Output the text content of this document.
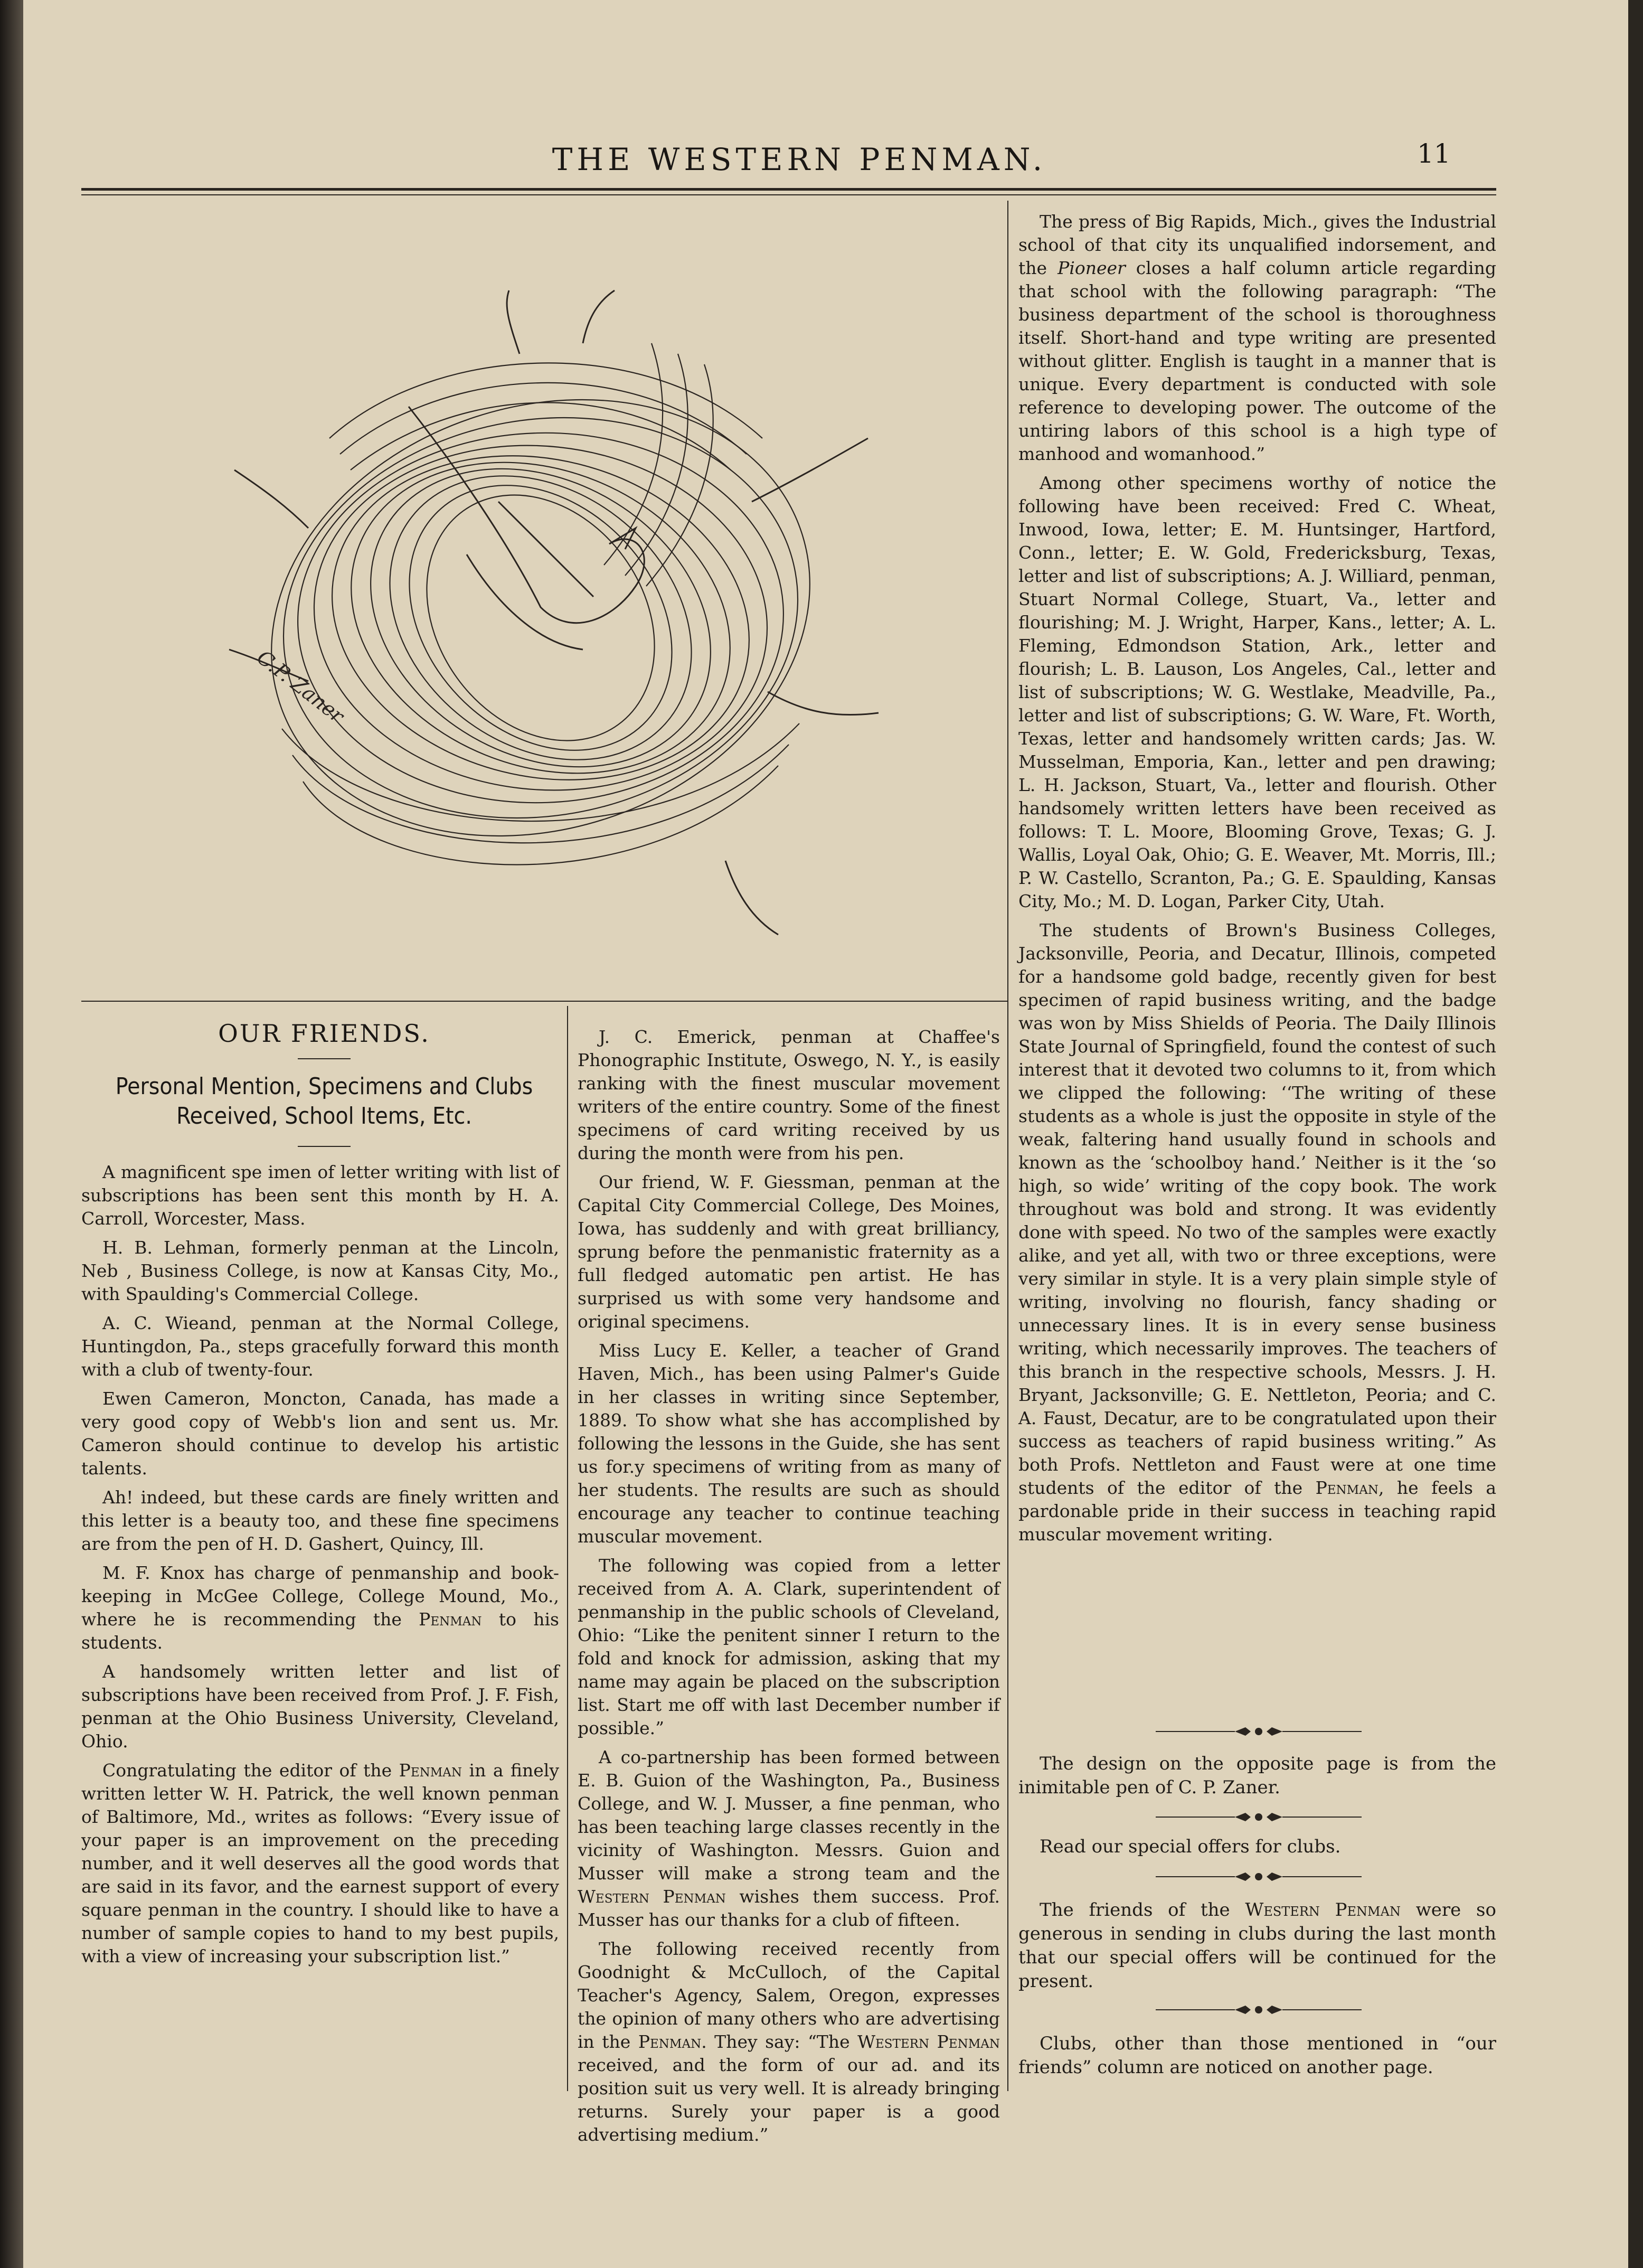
THE WESTERN PENMAN.	11
C.P. Zaner
OUR FRIENDS.
Personal Mention, Specimens and Clubs
Received, School Items, Etc.

A magnificent spe imen of letter writing with list of subscriptions has been sent this month by H. A. Carroll, Worcester, Mass.

H. B. Lehman, formerly penman at the Lincoln, Neb , Business College, is now at Kansas City, Mo., with Spaulding's Commercial College.

A. C. Wieand, penman at the Normal College, Huntingdon, Pa., steps gracefully forward this month with a club of twenty-four.

Ewen Cameron, Moncton, Canada, has made a very good copy of Webb's lion and sent us. Mr. Cameron should continue to develop his artistic talents.

Ah! indeed, but these cards are finely written and this letter is a beauty too, and these fine specimens are from the pen of H. D. Gashert, Quincy, Ill.

M. F. Knox has charge of penmanship and book-keeping in McGee College, College Mound, Mo., where he is recommending the Penman to his students.

A handsomely written letter and list of subscriptions have been received from Prof. J. F. Fish, penman at the Ohio Business University, Cleveland, Ohio.

Congratulating the editor of the Penman in a finely written letter W. H. Patrick, the well known penman of Baltimore, Md., writes as follows: “Every issue of your paper is an improvement on the preceding number, and it well deserves all the good words that are said in its favor, and the earnest support of every square penman in the country. I should like to have a number of sample copies to hand to my best pupils, with a view of increasing your subscription list.”

J. C. Emerick, penman at Chaffee's Phonographic Institute, Oswego, N. Y., is easily ranking with the finest muscular movement writers of the entire country. Some of the finest specimens of card writing received by us during the month were from his pen.

Our friend, W. F. Giessman, penman at the Capital City Commercial College, Des Moines, Iowa, has suddenly and with great brilliancy, sprung before the penmanistic fraternity as a full fledged automatic pen artist. He has surprised us with some very handsome and original specimens.

Miss Lucy E. Keller, a teacher of Grand Haven, Mich., has been using Palmer's Guide in her classes in writing since September, 1889. To show what she has accomplished by following the lessons in the Guide, she has sent us for.y specimens of writing from as many of her students. The results are such as should encourage any teacher to continue teaching muscular movement.

The following was copied from a letter received from A. A. Clark, superintendent of penmanship in the public schools of Cleveland, Ohio: “Like the penitent sinner I return to the fold and knock for admission, asking that my name may again be placed on the subscription list. Start me off with last December number if possible.”

A co-partnership has been formed between E. B. Guion of the Washington, Pa., Business College, and W. J. Musser, a fine penman, who has been teaching large classes recently in the vicinity of Washington. Messrs. Guion and Musser will make a strong team and the Western Penman wishes them success. Prof. Musser has our thanks for a club of fifteen.

The following received recently from Goodnight & McCulloch, of the Capital Teacher's Agency, Salem, Oregon, expresses the opinion of many others who are advertising in the Penman. They say: “The Western Penman received, and the form of our ad. and its position suit us very well. It is already bringing returns. Surely your paper is a good advertising medium.”

The press of Big Rapids, Mich., gives the Industrial school of that city its unqualified indorsement, and the Pioneer closes a half column article regarding that school with the following paragraph: “The business department of the school is thoroughness itself. Short-hand and type writing are presented without glitter. English is taught in a manner that is unique. Every department is conducted with sole reference to developing power. The outcome of the untiring labors of this school is a high type of manhood and womanhood.”

Among other specimens worthy of notice the following have been received: Fred C. Wheat, Inwood, Iowa, letter; E. M. Huntsinger, Hartford, Conn., letter; E. W. Gold, Fredericksburg, Texas, letter and list of subscriptions; A. J. Williard, penman, Stuart Normal College, Stuart, Va., letter and flourishing; M. J. Wright, Harper, Kans., letter; A. L. Fleming, Edmondson Station, Ark., letter and flourish; L. B. Lauson, Los Angeles, Cal., letter and list of subscriptions; W. G. Westlake, Meadville, Pa., letter and list of subscriptions; G. W. Ware, Ft. Worth, Texas, letter and handsomely written cards; Jas. W. Musselman, Emporia, Kan., letter and pen drawing; L. H. Jackson, Stuart, Va., letter and flourish. Other handsomely written letters have been received as follows: T. L. Moore, Blooming Grove, Texas; G. J. Wallis, Loyal Oak, Ohio; G. E. Weaver, Mt. Morris, Ill.; P. W. Castello, Scranton, Pa.; G. E. Spaulding, Kansas City, Mo.; M. D. Logan, Parker City, Utah.

The students of Brown's Business Colleges, Jacksonville, Peoria, and Decatur, Illinois, competed for a handsome gold badge, recently given for best specimen of rapid business writing, and the badge was won by Miss Shields of Peoria. The Daily Illinois State Journal of Springfield, found the contest of such interest that it devoted two columns to it, from which we clipped the following: ‘‘The writing of these students as a whole is just the opposite in style of the weak, faltering hand usually found in schools and known as the ‘schoolboy hand.’ Neither is it the ‘so high, so wide’ writing of the copy book. The work throughout was bold and strong. It was evidently done with speed. No two of the samples were exactly alike, and yet all, with two or three exceptions, were very similar in style. It is a very plain simple style of writing, involving no flourish, fancy shading or unnecessary lines. It is in every sense business writing, which necessarily improves. The teachers of this branch in the respective schools, Messrs. J. H. Bryant, Jacksonville; G. E. Nettleton, Peoria; and C. A. Faust, Decatur, are to be congratulated upon their success as teachers of rapid business writing.” As both Profs. Nettleton and Faust were at one time students of the editor of the Penman, he feels a pardonable pride in their success in teaching rapid muscular movement writing.

The design on the opposite page is from the inimitable pen of C. P. Zaner.

Read our special offers for clubs.

The friends of the Western Penman were so generous in sending in clubs during the last month that our special offers will be continued for the present.

Clubs, other than those mentioned in “our friends” column are noticed on another page.
